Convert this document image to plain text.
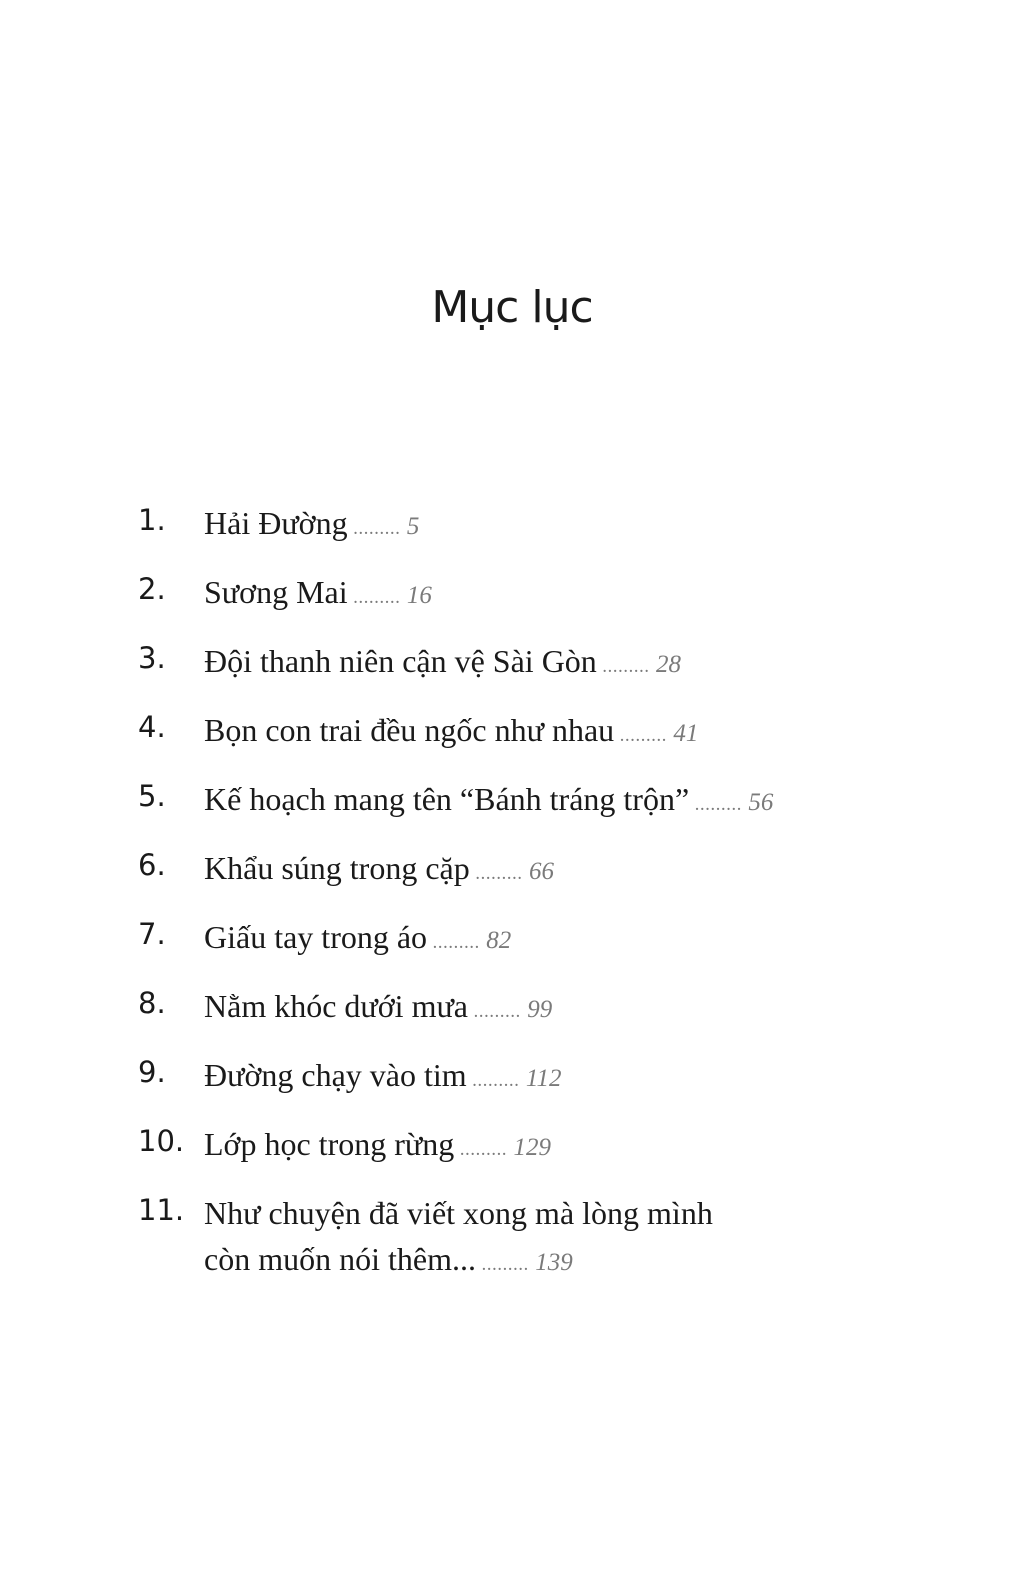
Mục lục
1. Hải Đường ......... 5
2. Sương Mai ......... 16
3. Đội thanh niên cận vệ Sài Gòn ......... 28
4. Bọn con trai đều ngốc như nhau ......... 41
5. Kế hoạch mang tên “Bánh tráng trộn” ......... 56
6. Khẩu súng trong cặp ......... 66
7. Giấu tay trong áo ......... 82
8. Nằm khóc dưới mưa ......... 99
9. Đường chạy vào tim ......... 112
10. Lớp học trong rừng ......... 129
11. Như chuyện đã viết xong mà lòng mình
còn muốn nói thêm... ......... 139
